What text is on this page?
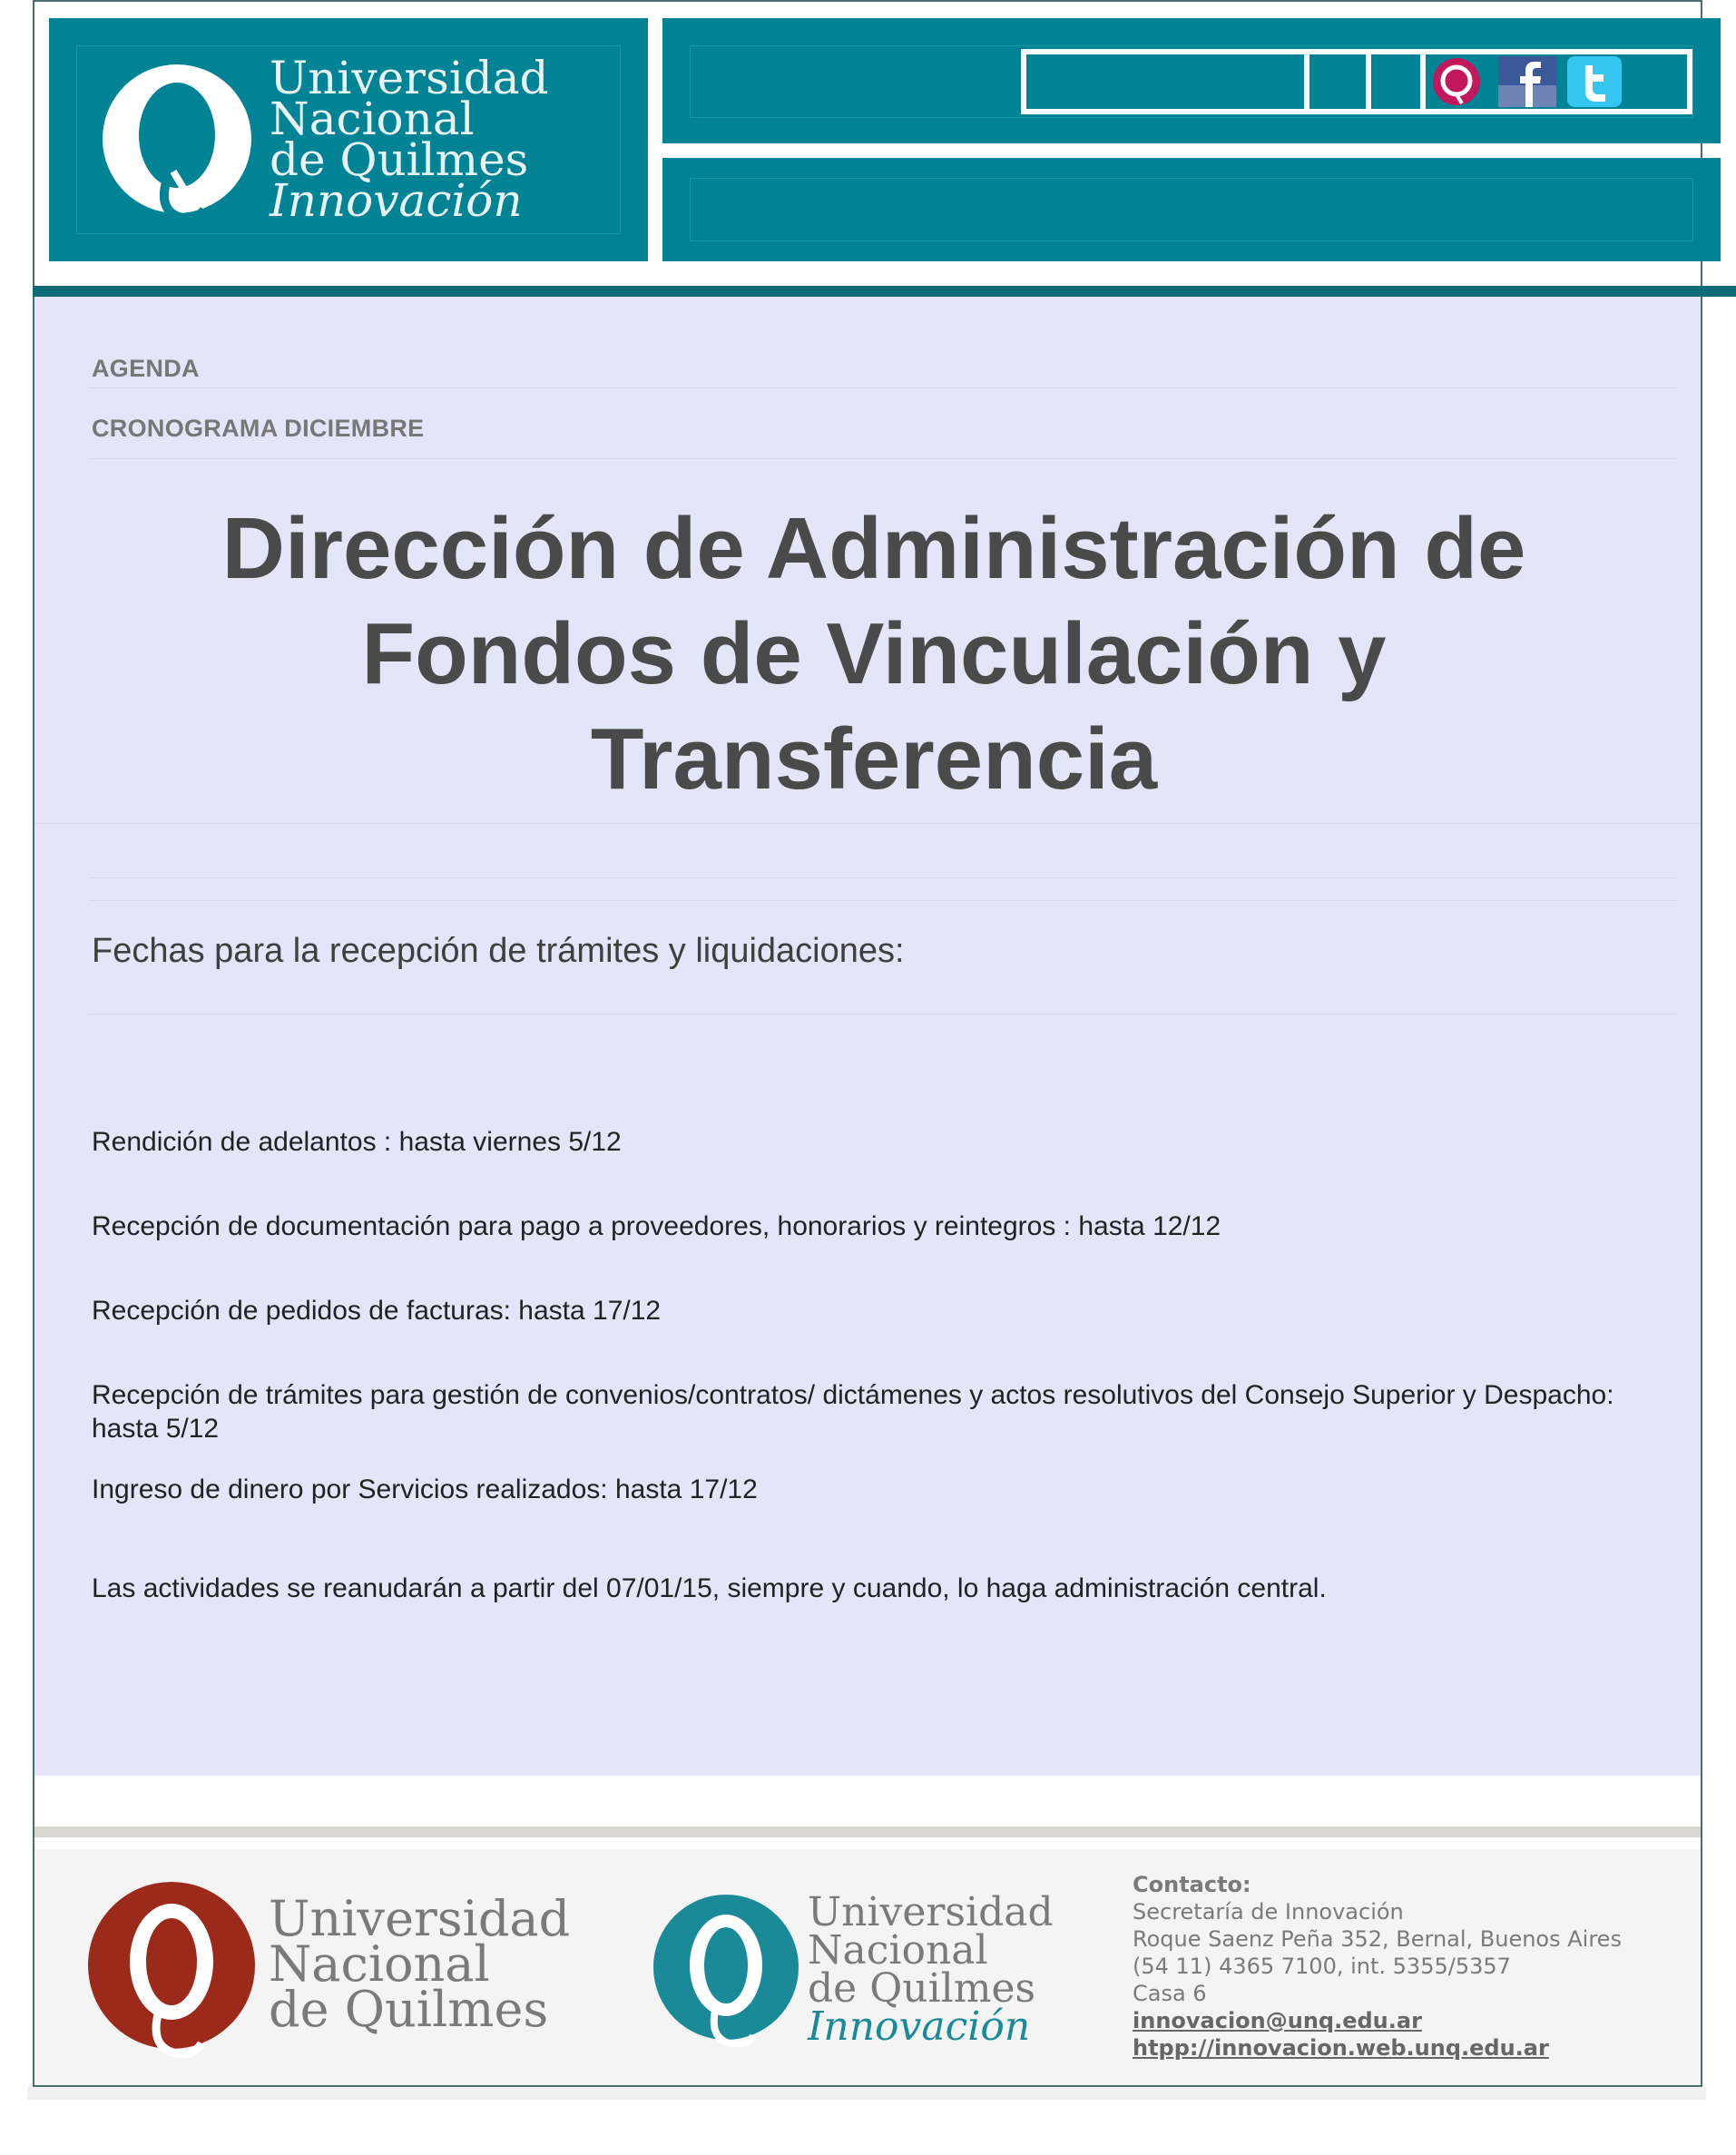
Universidad
Nacional
de Quilmes
Innovación
AGENDA
CRONOGRAMA DICIEMBRE
Dirección de Administración de
Fondos de Vinculación y
Transferencia
Fechas para la recepción de trámites y liquidaciones:
Rendición de adelantos : hasta viernes 5/12
Recepción de documentación para pago a proveedores, honorarios y reintegros : hasta 12/12
Recepción de pedidos de facturas: hasta 17/12
Recepción de trámites para gestión de convenios/contratos/ dictámenes y actos resolutivos del Consejo Superior y Despacho: hasta 5/12
Ingreso de dinero por Servicios realizados: hasta 17/12
Las actividades se reanudarán a partir del 07/01/15, siempre y cuando, lo haga administración central.
Universidad
Nacional
de Quilmes
Universidad
Nacional
de Quilmes
Innovación
Contacto:
Secretaría de Innovación
Roque Saenz Peña 352, Bernal, Buenos Aires
(54 11) 4365 7100, int. 5355/5357
Casa 6
innovacion@unq.edu.ar
htpp://innovacion.web.unq.edu.ar
